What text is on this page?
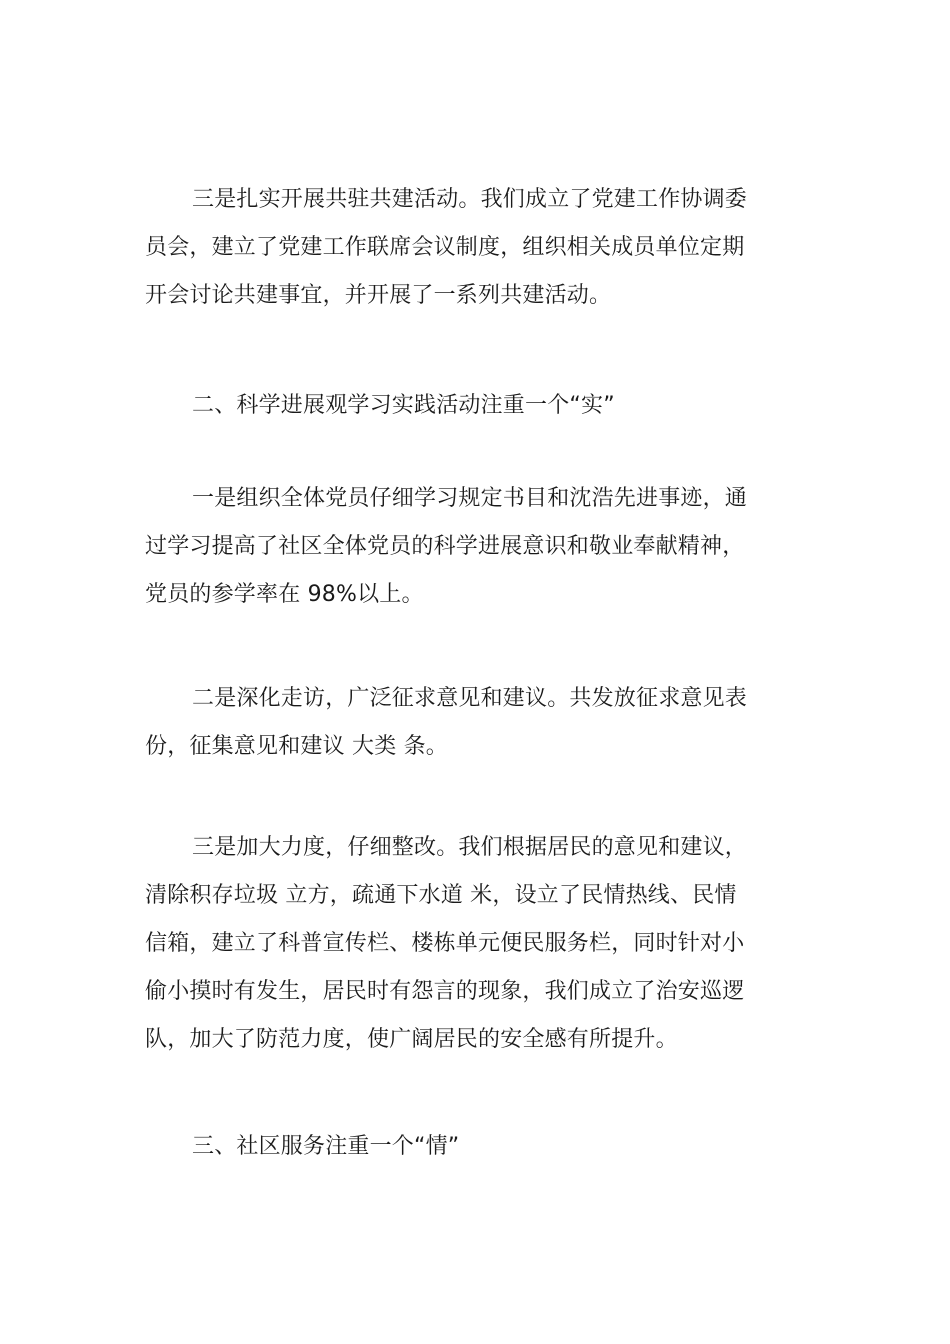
三是扎实开展共驻共建活动。我们成立了党建工作协调委
员会，建立了党建工作联席会议制度，组织相关成员单位定期
开会讨论共建事宜，并开展了一系列共建活动。
二、科学进展观学习实践活动注重一个“实”
一是组织全体党员仔细学习规定书目和沈浩先进事迹，通
过学习提高了社区全体党员的科学进展意识和敬业奉献精神，
党员的参学率在 98%以上。
二是深化走访，广泛征求意见和建议。共发放征求意见表
份，征集意见和建议 大类 条。
三是加大力度，仔细整改。我们根据居民的意见和建议，
清除积存垃圾 立方，疏通下水道 米，设立了民情热线、民情
信箱，建立了科普宣传栏、楼栋单元便民服务栏，同时针对小
偷小摸时有发生，居民时有怨言的现象，我们成立了治安巡逻
队，加大了防范力度，使广阔居民的安全感有所提升。
三、社区服务注重一个“情”
